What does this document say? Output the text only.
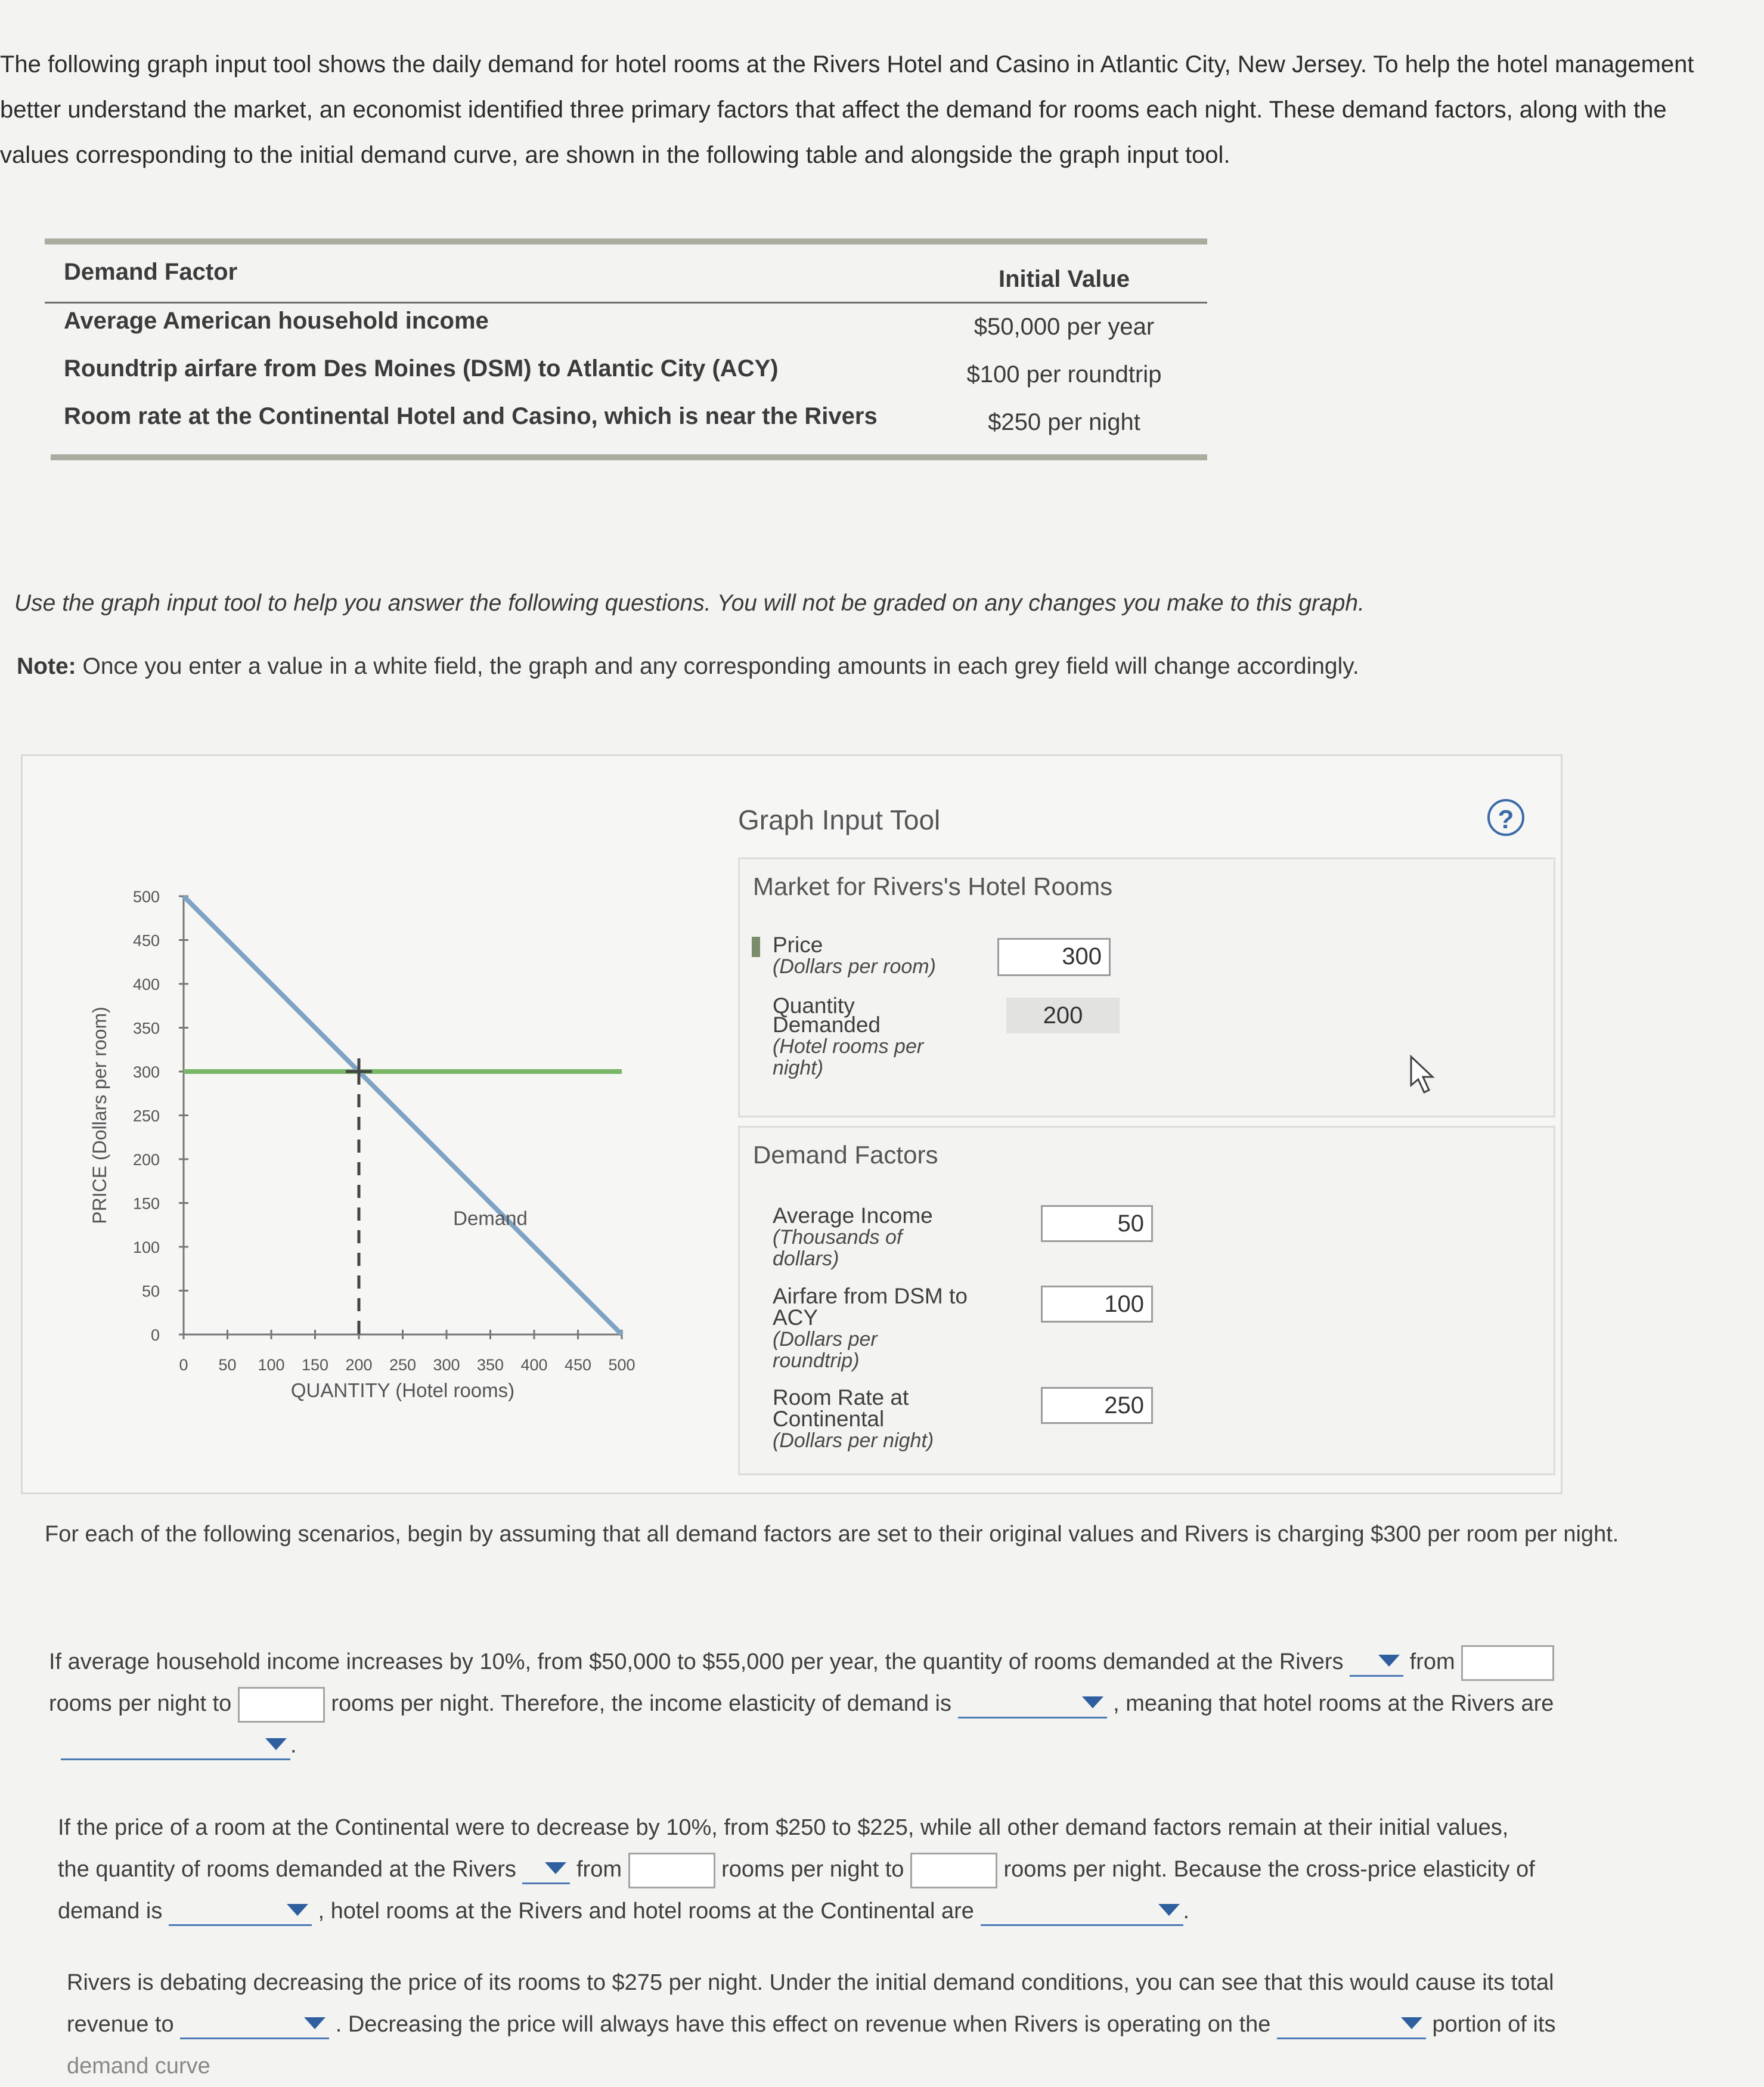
The following graph input tool shows the daily demand for hotel rooms at the Rivers Hotel and Casino in Atlantic City, New Jersey. To help the hotel management better understand the market, an economist identified three primary factors that affect the demand for rooms each night. These demand factors, along with the values corresponding to the initial demand curve, are shown in the following table and alongside the graph input tool.
Demand Factor	Initial Value
Average American household income	$50,000 per year
Roundtrip airfare from Des Moines (DSM) to Atlantic City (ACY)	$100 per roundtrip
Room rate at the Continental Hotel and Casino, which is near the Rivers	$250 per night
Use the graph input tool to help you answer the following questions. You will not be graded on any changes you make to this graph.
Note: Once you enter a value in a white field, the graph and any corresponding amounts in each grey field will change accordingly.
0
50
100
150
200
250
300
350
400
450
500
0 50 100 150 200 250 300 350 400 450 500
QUANTITY (Hotel rooms)
PRICE (Dollars per room)	Demand
Graph Input Tool	?
Market for Rivers's Hotel Rooms
Price
(Dollars per room)	300
Quantity
Demanded
(Hotel rooms per
night)
200
Demand Factors
Average Income
(Thousands of
dollars)
50
Airfare from DSM to
ACY
(Dollars per
roundtrip)
100
Room Rate at
Continental
(Dollars per night)
250
For each of the following scenarios, begin by assuming that all demand factors are set to their original values and Rivers is charging $300 per room per night.
If average household income increases by 10%, from $50,000 to $55,000 per year, the quantity of rooms demanded at the Rivers	from
rooms per night to	rooms per night. Therefore, the income elasticity of demand is	, meaning that hotel rooms at the Rivers are

.
If the price of a room at the Continental were to decrease by 10%, from $250 to $225, while all other demand factors remain at their initial values,
the quantity of rooms demanded at the Rivers	from	rooms per night to	rooms per night. Because the cross-price elasticity of
demand is	, hotel rooms at the Rivers and hotel rooms at the Continental are	.
Rivers is debating decreasing the price of its rooms to $275 per night. Under the initial demand conditions, you can see that this would cause its total
revenue to	. Decreasing the price will always have this effect on revenue when Rivers is operating on the	portion of its
demand curve
